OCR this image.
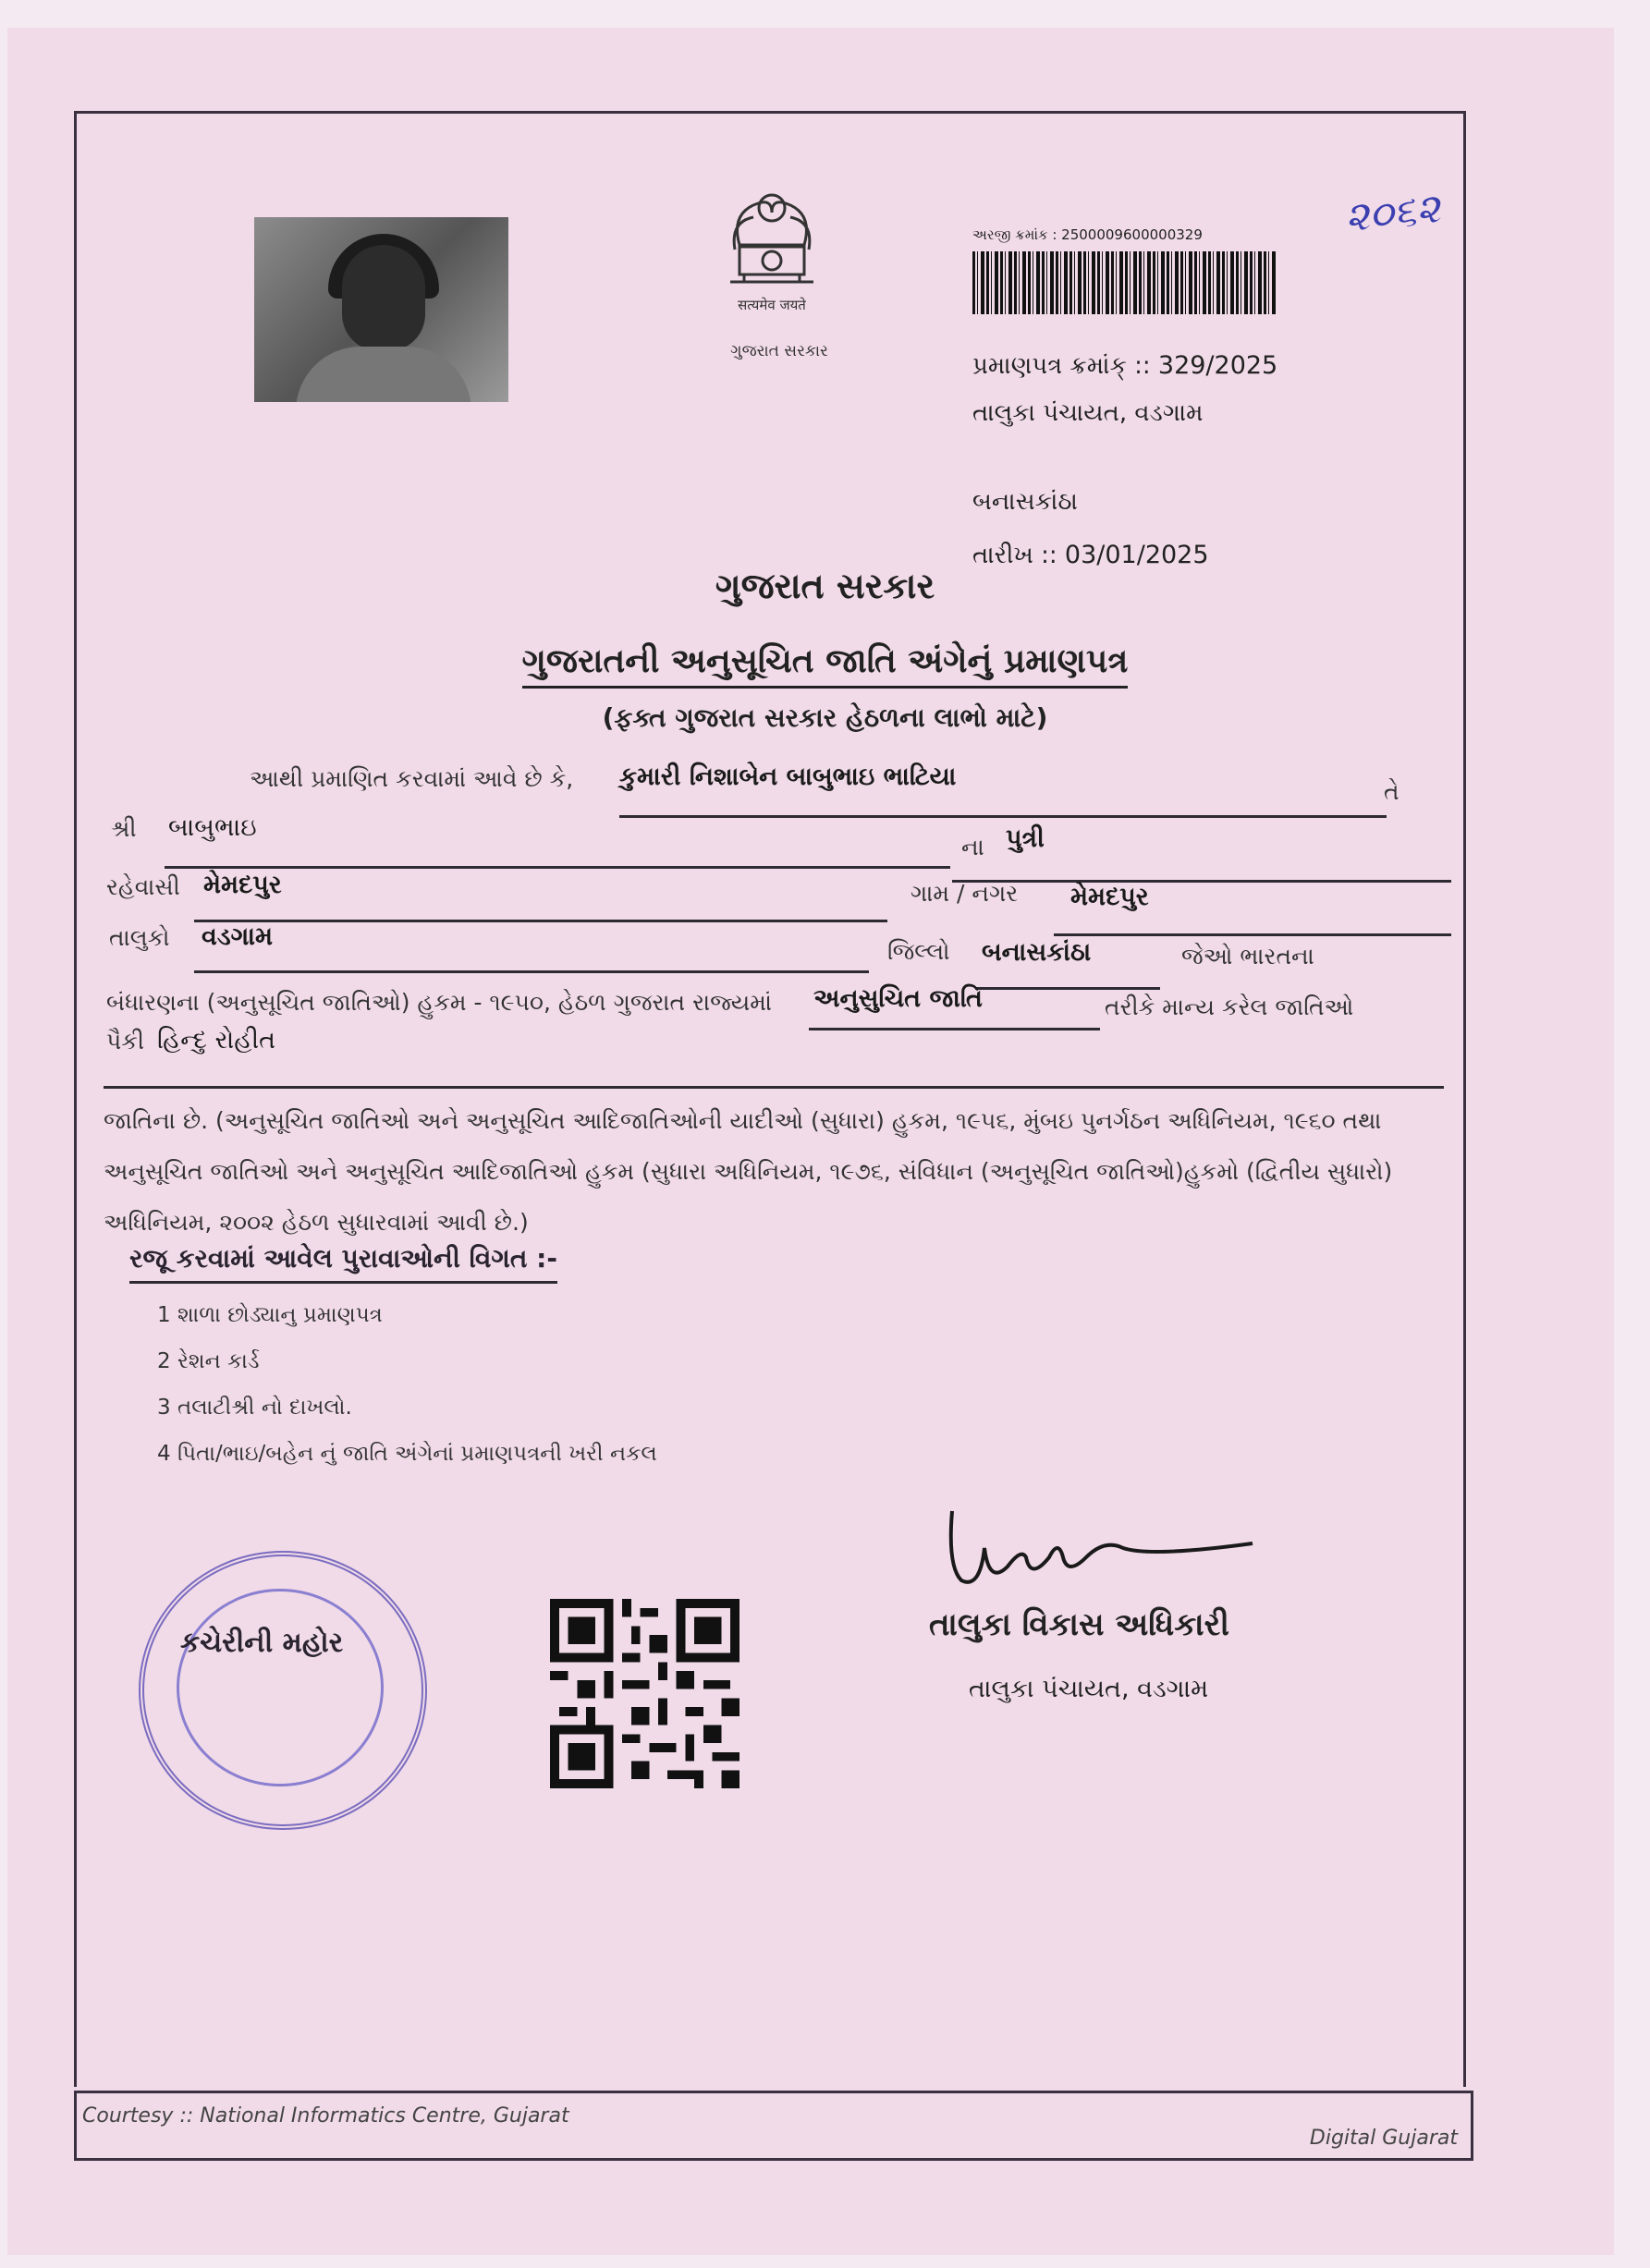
सत्यमेव जयते
ગુજરાત સરકાર
અરજી ક્રમાંક : 2500009600000329	૨૦૬૨
પ્રમાણપત્ર ક્રમાંક્ :: 329/2025
તાલુકા પંચાયત, વડગામ
બનાસકાંઠા
તારીખ :: 03/01/2025
ગુજરાત સરકાર
ગુજરાતની અનુસૂચિત જાતિ અંગેનું પ્રમાણપત્ર
(ફક્ત ગુજરાત સરકાર હેઠળના લાભો માટે)
આથી પ્રમાણિત કરવામાં આવે છે કે, કુમારી નિશાબેન બાબુભાઇ ભાટિયા
તે
શ્રી બાબુભાઇ
ના પુત્રી
રહેવાસી મેમદપુર	ગામ / નગર મેમદપુર
તાલુકો વડગામ
જિલ્લો બનાસકાંઠા	જેઓ ભારતના
બંધારણના (અનુસૂચિત જાતિઓ) હુકમ - ૧૯૫૦, હેઠળ ગુજરાત રાજ્યમાં અનુસુચિત જાતિ	તરીકે માન્ય કરેલ જાતિઓ
પૈકી હિન્દુ રોહીત
જાતિના છે. (અનુસૂચિત જાતિઓ અને અનુસૂચિત આદિજાતિઓની યાદીઓ (સુધારા) હુકમ, ૧૯૫૬, મુંબઇ પુનર્ગઠન અધિનિયમ, ૧૯૬૦ તથા
અનુસૂચિત જાતિઓ અને અનુસૂચિત આદિજાતિઓ હુકમ (સુધારા અધિનિયમ, ૧૯૭૬, સંવિધાન (અનુસૂચિત જાતિઓ)હુકમો (દ્વિતીય સુધારો)
અધિનિયમ, ૨૦૦૨ હેઠળ સુધારવામાં આવી છે.)
રજૂ કરવામાં આવેલ પુરાવાઓની વિગત :-
1 શાળા છોડ્યાનુ પ્રમાણપત્ર
2 રેશન કાર્ડ
3 તલાટીશ્રી નો દાખલો.
4 પિતા/ભાઇ/બહેન નું જાતિ અંગેનાં પ્રમાણપત્રની ખરી નકલ
કચેરીની મહોર	તાલુકા વિકાસ અધિકારી
તાલુકા પંચાયત, વડગામ
Courtesy :: National Informatics Centre, Gujarat
Digital Gujarat
